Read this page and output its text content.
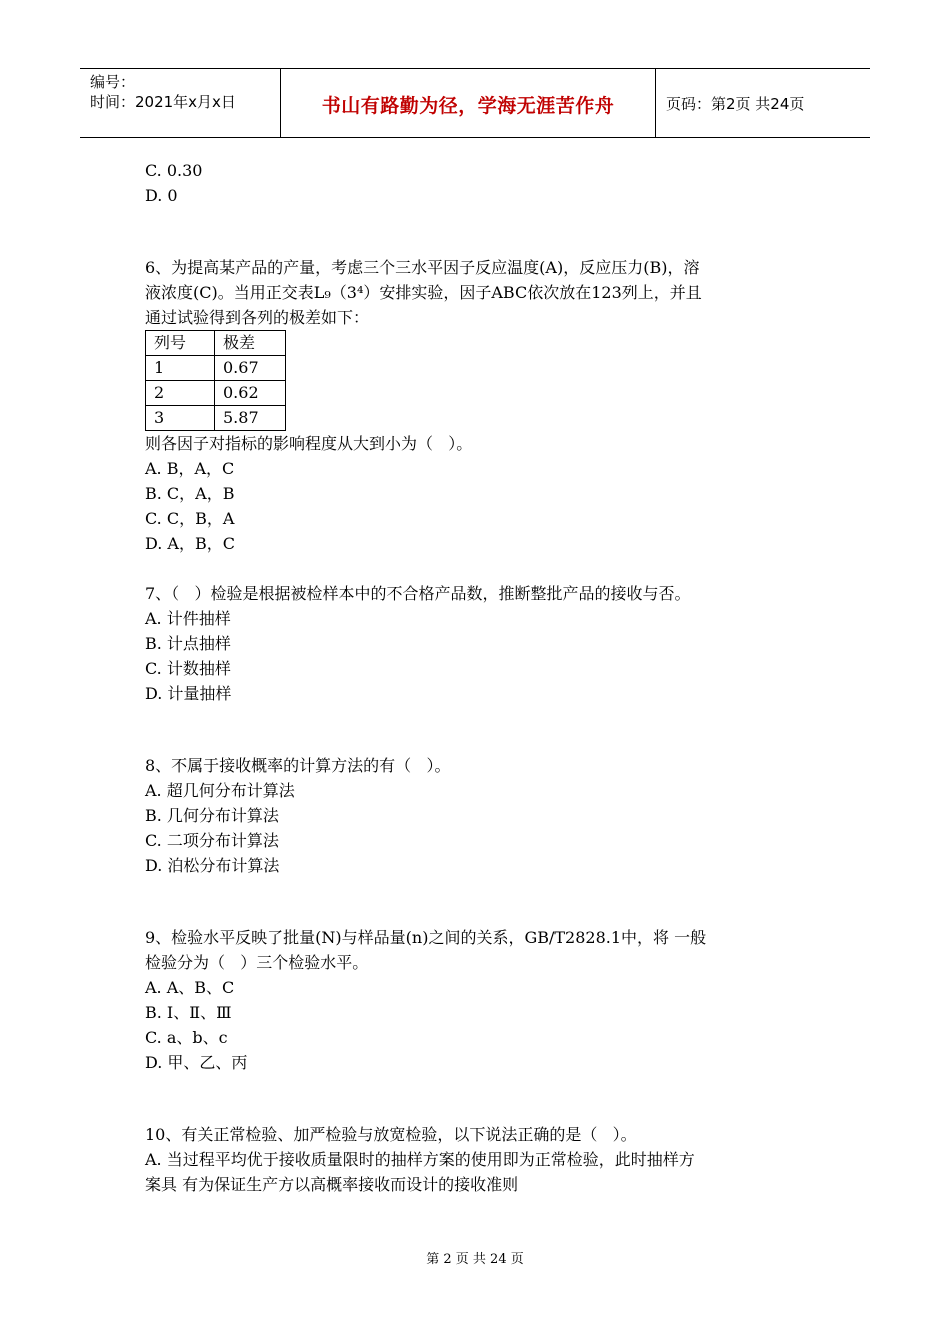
编号：
时间：2021年x月x日	书山有路勤为径，学海无涯苦作舟	页码：第2页 共24页
C. 0.30
D. 0
6、为提高某产品的产量，考虑三个三水平因子反应温度(A)，反应压力(B)，溶
液浓度(C)。当用正交表L₉（3⁴）安排实验，因子ABC依次放在123列上，并且
通过试验得到各列的极差如下：
列号	极差
1	0.67
2	0.62
3	5.87
则各因子对指标的影响程度从大到小为（   ）。
A. B，A，C
B. C，A，B
C. C，B，A
D. A，B，C
7、（   ）检验是根据被检样本中的不合格产品数，推断整批产品的接收与否。
A. 计件抽样
B. 计点抽样
C. 计数抽样
D. 计量抽样
8、不属于接收概率的计算方法的有（   ）。
A. 超几何分布计算法
B. 几何分布计算法
C. 二项分布计算法
D. 泊松分布计算法
9、检验水平反映了批量(N)与样品量(n)之间的关系，GB/T2828.1中，将 一般
检验分为（   ）三个检验水平。
A. A、B、C
B. Ⅰ、Ⅱ、Ⅲ
C. a、b、c
D. 甲、乙、丙
10、有关正常检验、加严检验与放宽检验，以下说法正确的是（   ）。
A. 当过程平均优于接收质量限时的抽样方案的使用即为正常检验，此时抽样方
案具 有为保证生产方以高概率接收而设计的接收准则
第 2 页 共 24 页
